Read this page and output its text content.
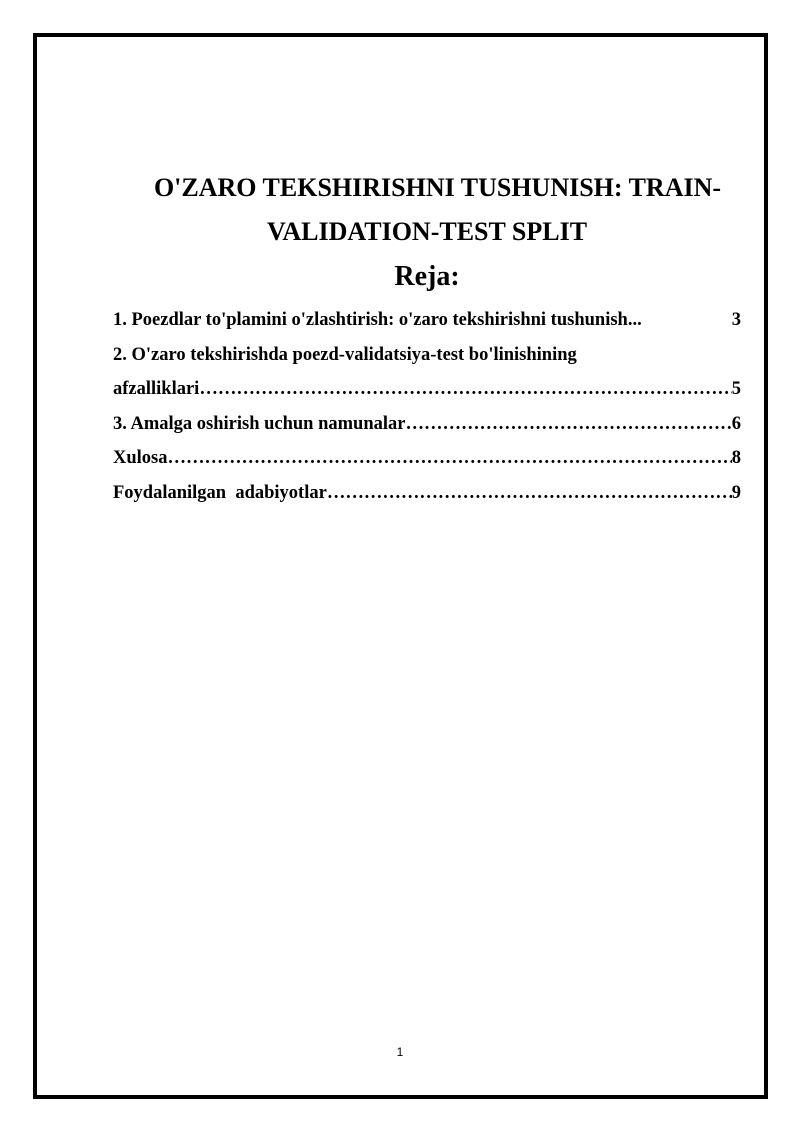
O'ZARO TEKSHIRISHNI TUSHUNISH: TRAIN-
VALIDATION-TEST SPLIT
Reja:
1. Poezdlar to'plamini o'zlashtirish: o'zaro tekshirishni tushunish...	3
2. O'zaro tekshirishda poezd-validatsiya-test bo'linishining
afzalliklari ………………………………………………………………………………………………	5
3. Amalga oshirish uchun namunalar ………………………………………………………………………………………………	6
Xulosa ………………………………………………………………………………………………	8
Foydalanilgan  adabiyotlar ………………………………………………………………………………………………	9
1
